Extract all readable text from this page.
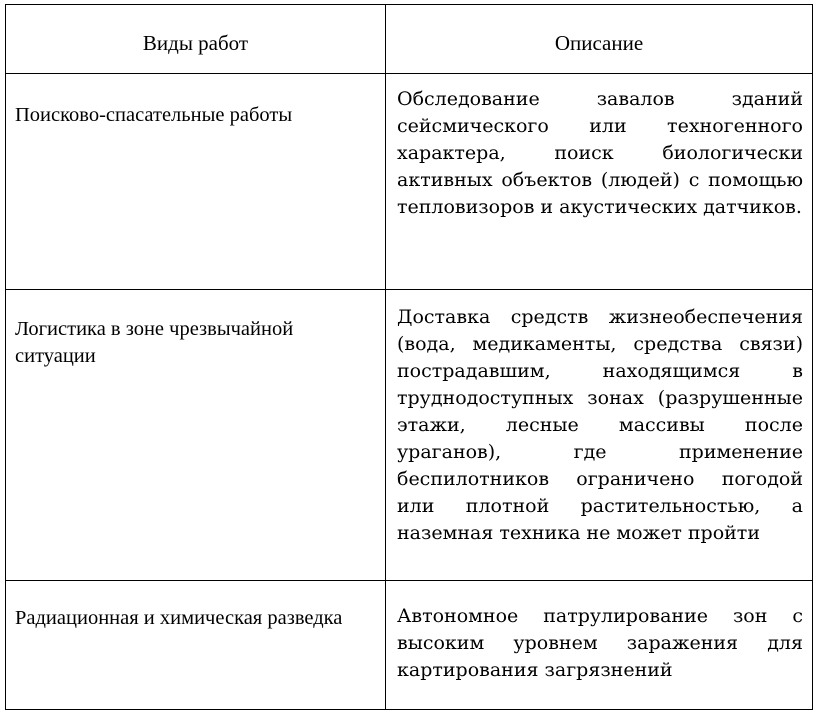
Виды работ	Описание

Поисково-спасательные работы	Обследование завалов зданий сейсмического или техногенного характера, поиск биологически активных объектов (людей) с помощью тепловизоров и акустических датчиков.

Логистика в зоне чрезвычайной ситуации	Доставка средств жизнеобеспечения (вода, медикаменты, средства связи) пострадавшим, находящимся в труднодоступных зонах (разрушенные этажи, лесные массивы после ураганов), где применение беспилотников ограничено погодой или плотной растительностью, а наземная техника не может пройти

Радиационная и химическая разведка	Автономное патрулирование зон с высоким уровнем заражения для картирования загрязнений
